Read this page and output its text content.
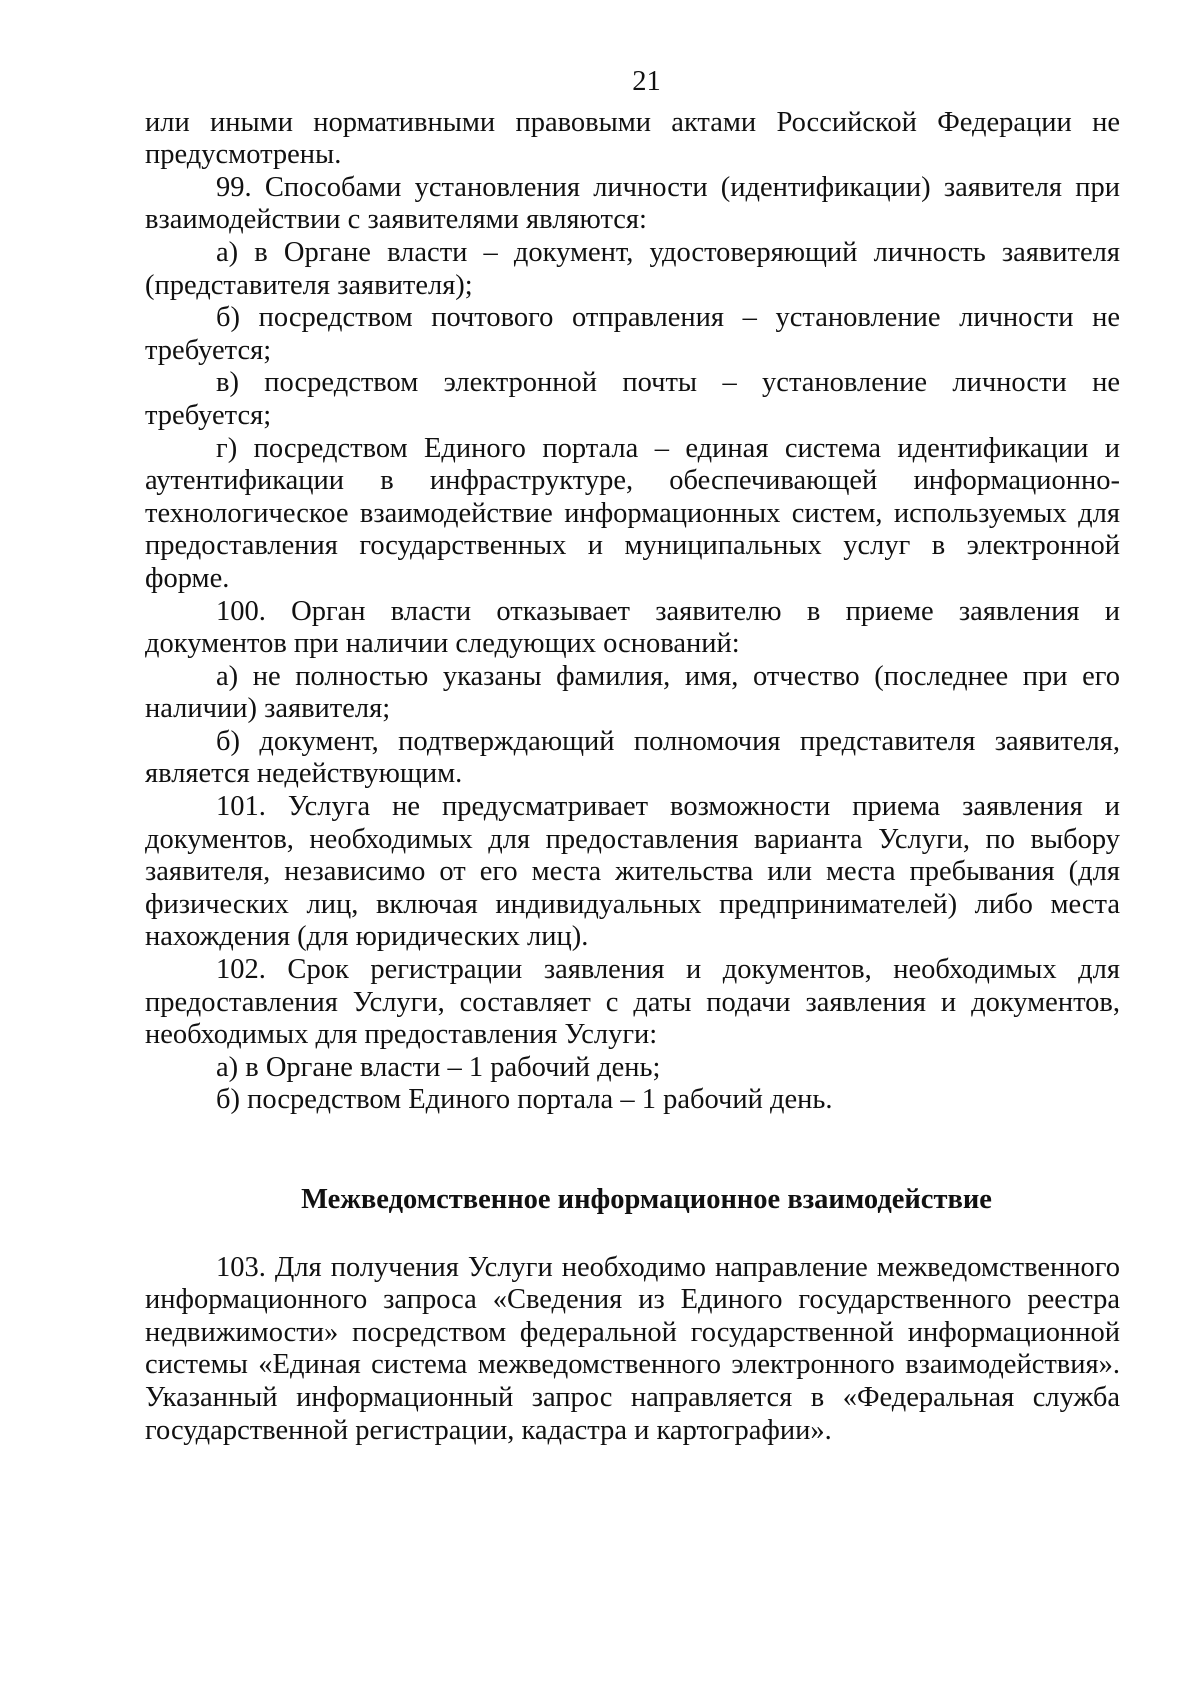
21

или иными нормативными правовыми актами Российской Федерации не предусмотрены.

99. Способами установления личности (идентификации) заявителя при взаимодействии с заявителями являются:

а) в Органе власти – документ, удостоверяющий личность заявителя (представителя заявителя);

б) посредством почтового отправления – установление личности не требуется;

в) посредством электронной почты – установление личности не требуется;

г) посредством Единого портала – единая система идентификации и аутентификации в инфраструктуре, обеспечивающей информационно-технологическое взаимодействие информационных систем, используемых для предоставления государственных и муниципальных услуг в электронной форме.

100. Орган власти отказывает заявителю в приеме заявления и документов при наличии следующих оснований:

а) не полностью указаны фамилия, имя, отчество (последнее при его наличии) заявителя;

б) документ, подтверждающий полномочия представителя заявителя, является недействующим.

101. Услуга не предусматривает возможности приема заявления и документов, необходимых для предоставления варианта Услуги, по выбору заявителя, независимо от его места жительства или места пребывания (для физических лиц, включая индивидуальных предпринимателей) либо места нахождения (для юридических лиц).

102. Срок регистрации заявления и документов, необходимых для предоставления Услуги, составляет с даты подачи заявления и документов, необходимых для предоставления Услуги:

а) в Органе власти – 1 рабочий день;

б) посредством Единого портала – 1 рабочий день.

Межведомственное информационное взаимодействие

103. Для получения Услуги необходимо направление межведомственного информационного запроса «Сведения из Единого государственного реестра недвижимости» посредством федеральной государственной информационной системы «Единая система межведомственного электронного взаимодействия». Указанный информационный запрос направляется в «Федеральная служба государственной регистрации, кадастра и картографии».
